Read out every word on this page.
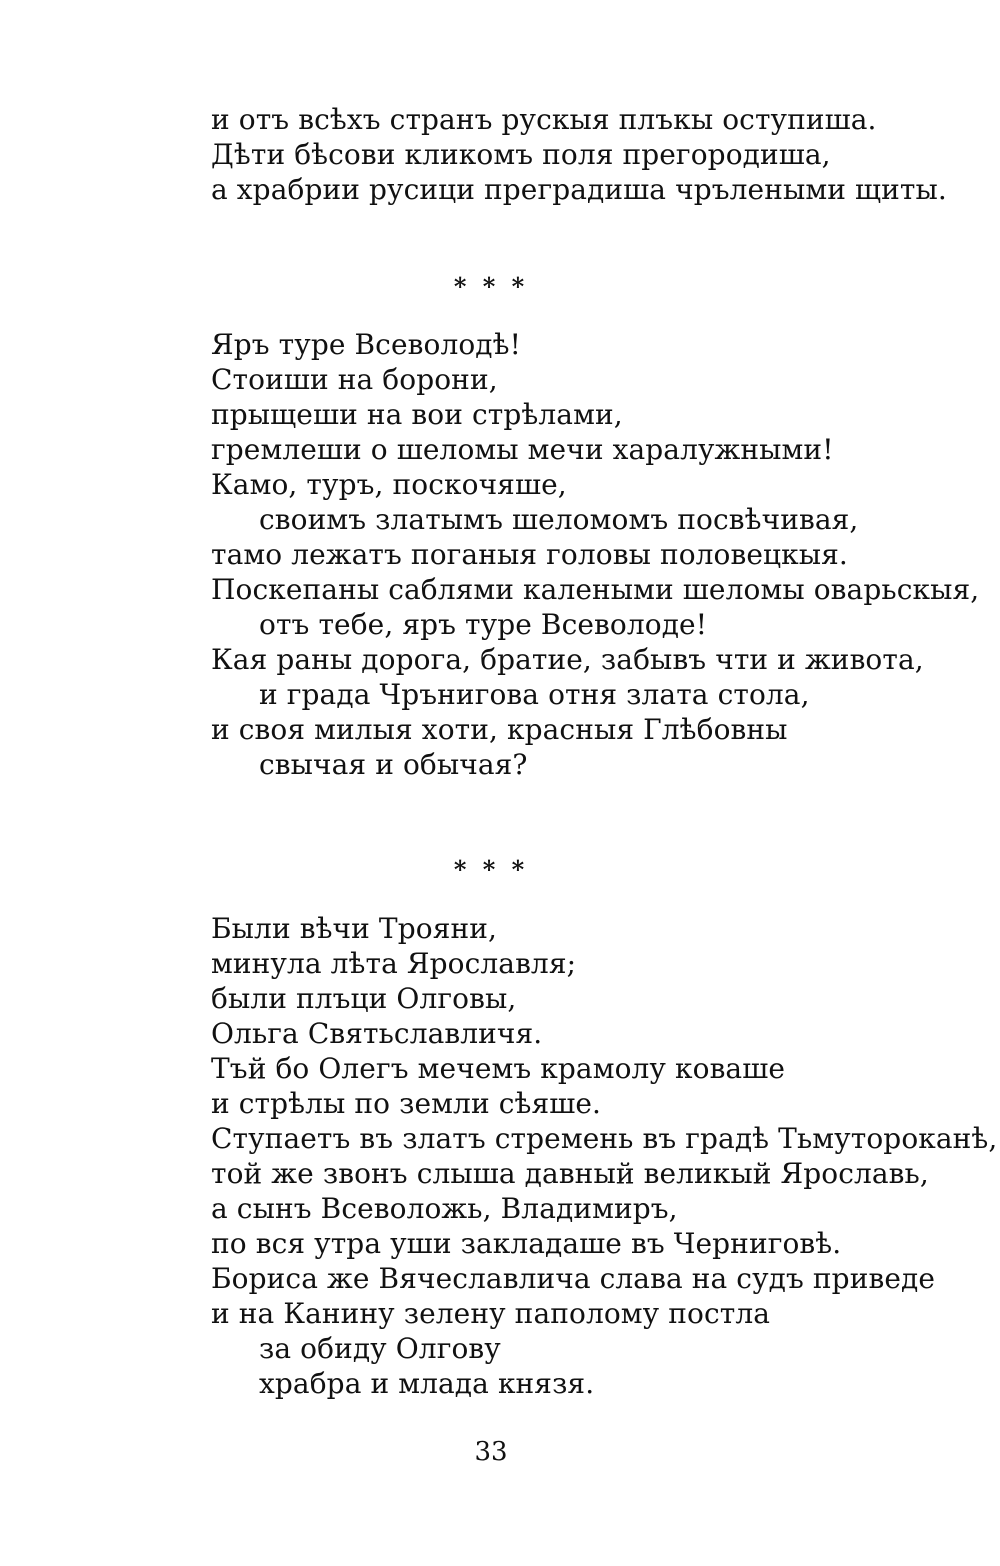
и отъ всѣхъ странъ рускыя плъкы оступиша.
Дѣти бѣсови кликомъ поля прегородиша,
а храбрии русици преградиша чрълеными щиты.
* * *
Яръ туре Всеволодѣ!
Стоиши на борони,
прыщеши на вои стрѣлами,
гремлеши о шеломы мечи харалужными!
Камо, туръ, поскочяше,
своимъ златымъ шеломомъ посвѣчивая,
тамо лежатъ поганыя головы половецкыя.
Поскепаны саблями калеными шеломы оварьскыя,
отъ тебе, яръ туре Всеволоде!
Кая раны дорога, братие, забывъ чти и живота,
и града Чрънигова отня злата стола,
и своя милыя хоти, красныя Глѣбовны
свычая и обычая?
* * *
Были вѣчи Трояни,
минула лѣта Ярославля;
были плъци Олговы,
Ольга Святьславличя.
Тъй бо Олегъ мечемъ крамолу коваше
и стрѣлы по земли сѣяше.
Ступаетъ въ златъ стремень въ градѣ Тьмутороканѣ,
той же звонъ слыша давный великый Ярославь,
а сынъ Всеволожь, Владимиръ,
по вся утра уши закладаше въ Черниговѣ.
Бориса же Вячеславлича слава на судъ приведе
и на Канину зелену паполому постла
за обиду Олгову
храбра и млада князя.
33
